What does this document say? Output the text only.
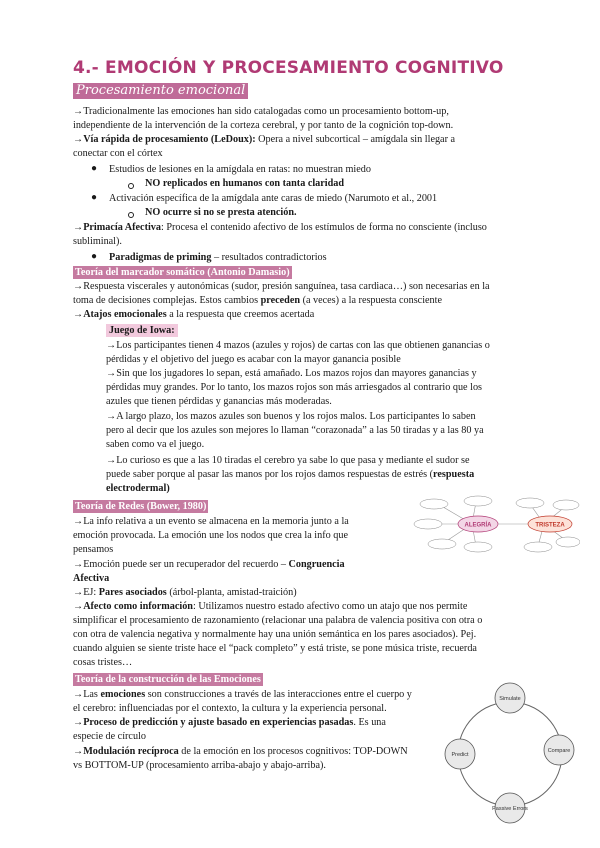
4.- EMOCIÓN Y PROCESAMIENTO COGNITIVO
Procesamiento emocional
→Tradicionalmente las emociones han sido catalogadas como un procesamiento bottom-up,
independiente de la intervención de la corteza cerebral, y por tanto de la cognición top-down.
→Vía rápida de procesamiento (LeDoux): Opera a nivel subcortical – amígdala sin llegar a
conectar con el córtex
● Estudios de lesiones en la amígdala en ratas: no muestran miedo
NO replicados en humanos con tanta claridad
● Activación específica de la amígdala ante caras de miedo (Narumoto et al., 2001
NO ocurre si no se presta atención.
→Primacía Afectiva: Procesa el contenido afectivo de los estímulos de forma no consciente (incluso
subliminal).
● Paradigmas de priming – resultados contradictorios
Teoría del marcador somático (Antonio Damasio)
→Respuesta viscerales y autonómicas (sudor, presión sanguínea, tasa cardiaca…) son necesarias en la
toma de decisiones complejas. Estos cambios preceden (a veces) a la respuesta consciente
→Atajos emocionales a la respuesta que creemos acertada
Juego de Iowa:
→Los participantes tienen 4 mazos (azules y rojos) de cartas con las que obtienen ganancias o
pérdidas y el objetivo del juego es acabar con la mayor ganancia posible
→Sin que los jugadores lo sepan, está amañado. Los mazos rojos dan mayores ganancias y
pérdidas muy grandes. Por lo tanto, los mazos rojos son más arriesgados al contrario que los
azules que tienen pérdidas y ganancias más moderadas.
→A largo plazo, los mazos azules son buenos y los rojos malos. Los participantes lo saben
pero al decir que los azules son mejores lo llaman “corazonada” a las 50 tiradas y a las 80 ya
saben como va el juego.
→Lo curioso es que a las 10 tiradas el cerebro ya sabe lo que pasa y mediante el sudor se
puede saber porque al pasar las manos por los rojos damos respuestas de estrés (respuesta
electrodermal)
Teoría de Redes (Bower, 1980)
→La info relativa a un evento se almacena en la memoria junto a la
emoción provocada. La emoción une los nodos que crea la info que
pensamos
→Emoción puede ser un recuperador del recuerdo – Congruencia
Afectiva
→EJ: Pares asociados (árbol-planta, amistad-traición)
→Afecto como información: Utilizamos nuestro estado afectivo como un atajo que nos permite
simplificar el procesamiento de razonamiento (relacionar una palabra de valencia positiva con otra o
con otra de valencia negativa y normalmente hay una unión semántica en los pares asociados). Pej.
cuando alguien se siente triste hace el “pack completo” y está triste, se pone música triste, recuerda
cosas tristes…
ALEGRÍA	TRISTEZA
Teoría de la construcción de las Emociones
→Las emociones son construcciones a través de las interacciones entre el cuerpo y
el cerebro: influenciadas por el contexto, la cultura y la experiencia personal.
→Proceso de predicción y ajuste basado en experiencias pasadas. Es una
especie de círculo
→Modulación recíproca de la emoción en los procesos cognitivos: TOP-DOWN
vs BOTTOM-UP (procesamiento arriba-abajo y abajo-arriba).
Simulate
Compare
Passive Errors
Predict
